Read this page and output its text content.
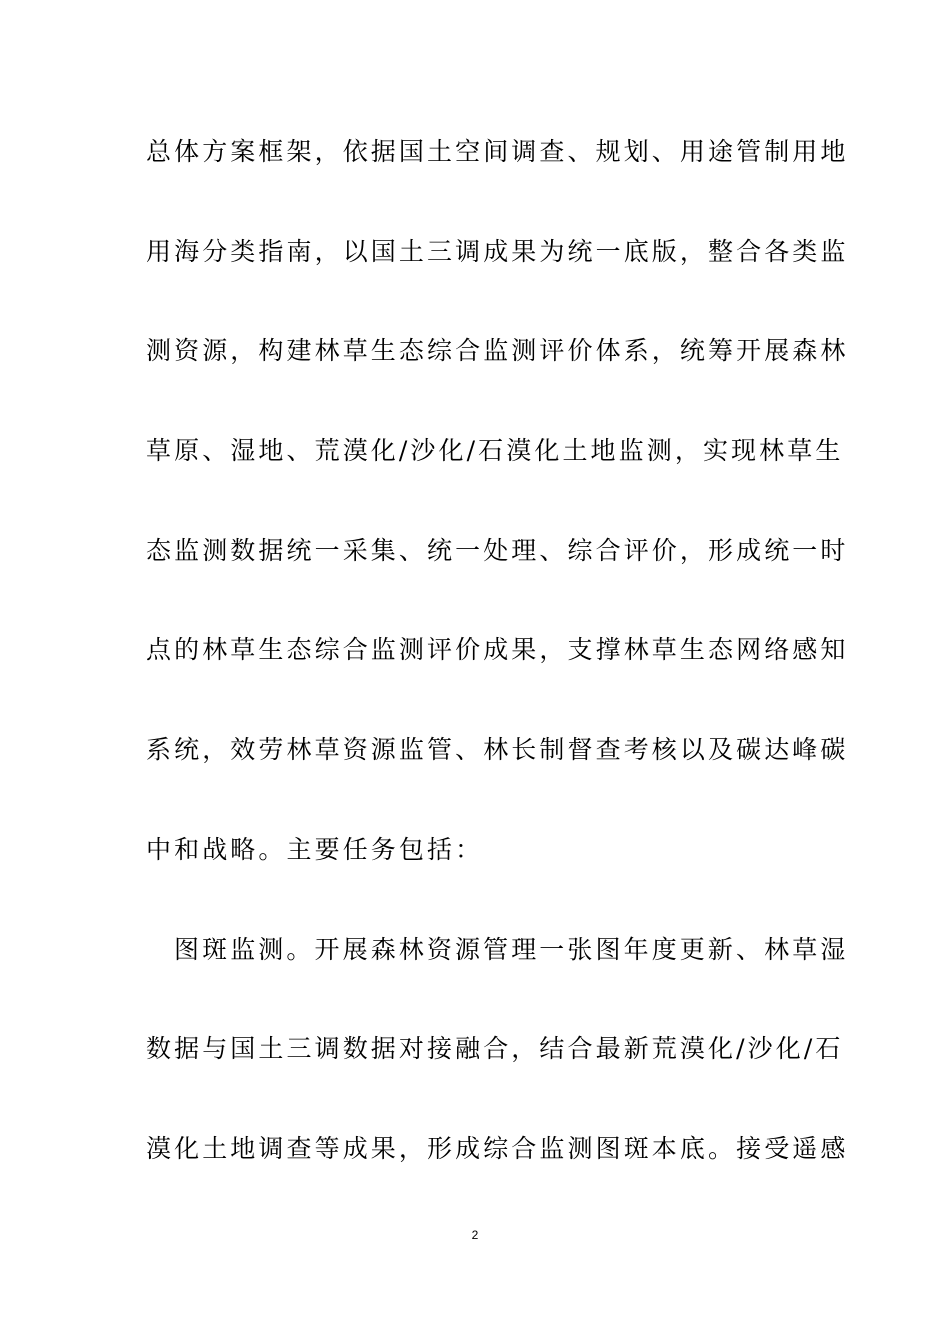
总体方案框架，依据国土空间调查、规划、用途管制用地
用海分类指南，以国土三调成果为统一底版，整合各类监
测资源，构建林草生态综合监测评价体系，统筹开展森林
草原、湿地、荒漠化/沙化/石漠化土地监测，实现林草生
态监测数据统一采集、统一处理、综合评价，形成统一时
点的林草生态综合监测评价成果，支撑林草生态网络感知
系统，效劳林草资源监管、林长制督查考核以及碳达峰碳
中和战略。主要任务包括：
图斑监测。开展森林资源管理一张图年度更新、林草湿
数据与国土三调数据对接融合，结合最新荒漠化/沙化/石
漠化土地调查等成果，形成综合监测图斑本底。接受遥感
2
